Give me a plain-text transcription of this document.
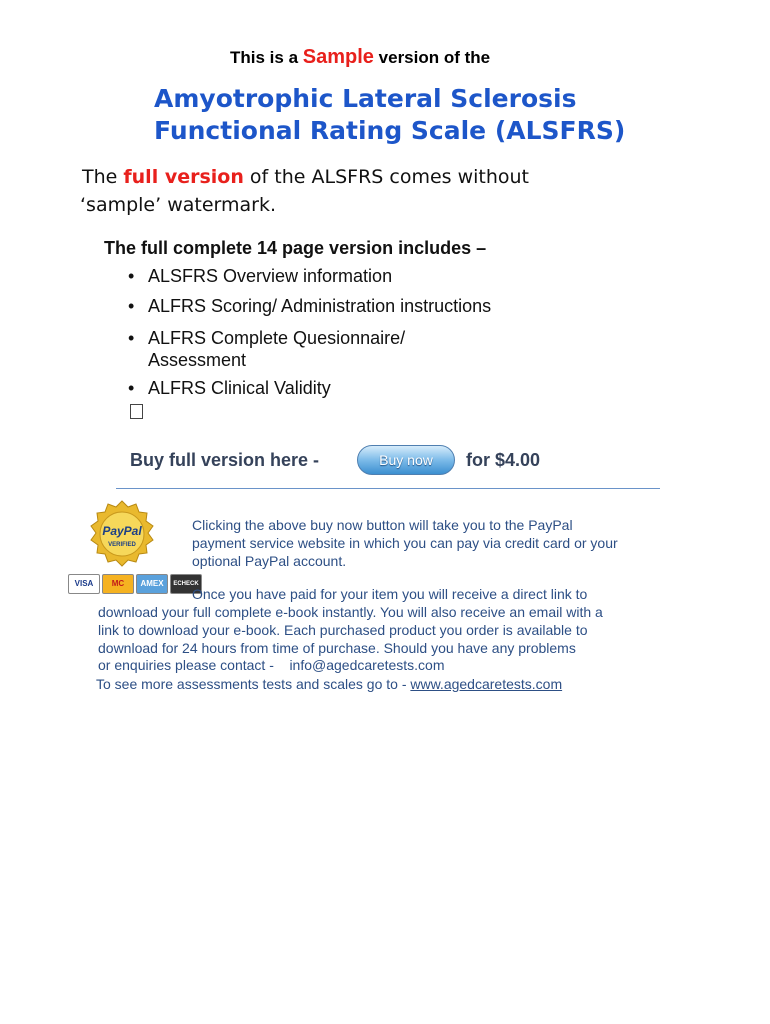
This is a Sample version of the
Amyotrophic Lateral Sclerosis
Functional Rating Scale (ALSFRS)
The full version of the ALSFRS comes without
‘sample’ watermark.
The full complete 14 page version includes –
• ALSFRS Overview information
• ALFRS Scoring/ Administration instructions
• ALFRS Complete Quesionnaire/
Assessment
• ALFRS Clinical Validity
Buy full version here -	Buy now	for $4.00
PayPal
VERIFIED
VISA MC AMEX ECHECK
Clicking the above buy now button will take you to the PayPal
payment service website in which you can pay via credit card or your
optional PayPal account.
Once you have paid for your item you will receive a direct link to
download your full complete e-book instantly. You will also receive an email with a
link to download your e-book. Each purchased product you order is available to
download for 24 hours from time of purchase. Should you have any problems
or enquiries please contact - info@agedcaretests.com
To see more assessments tests and scales go to - www.agedcaretests.com
